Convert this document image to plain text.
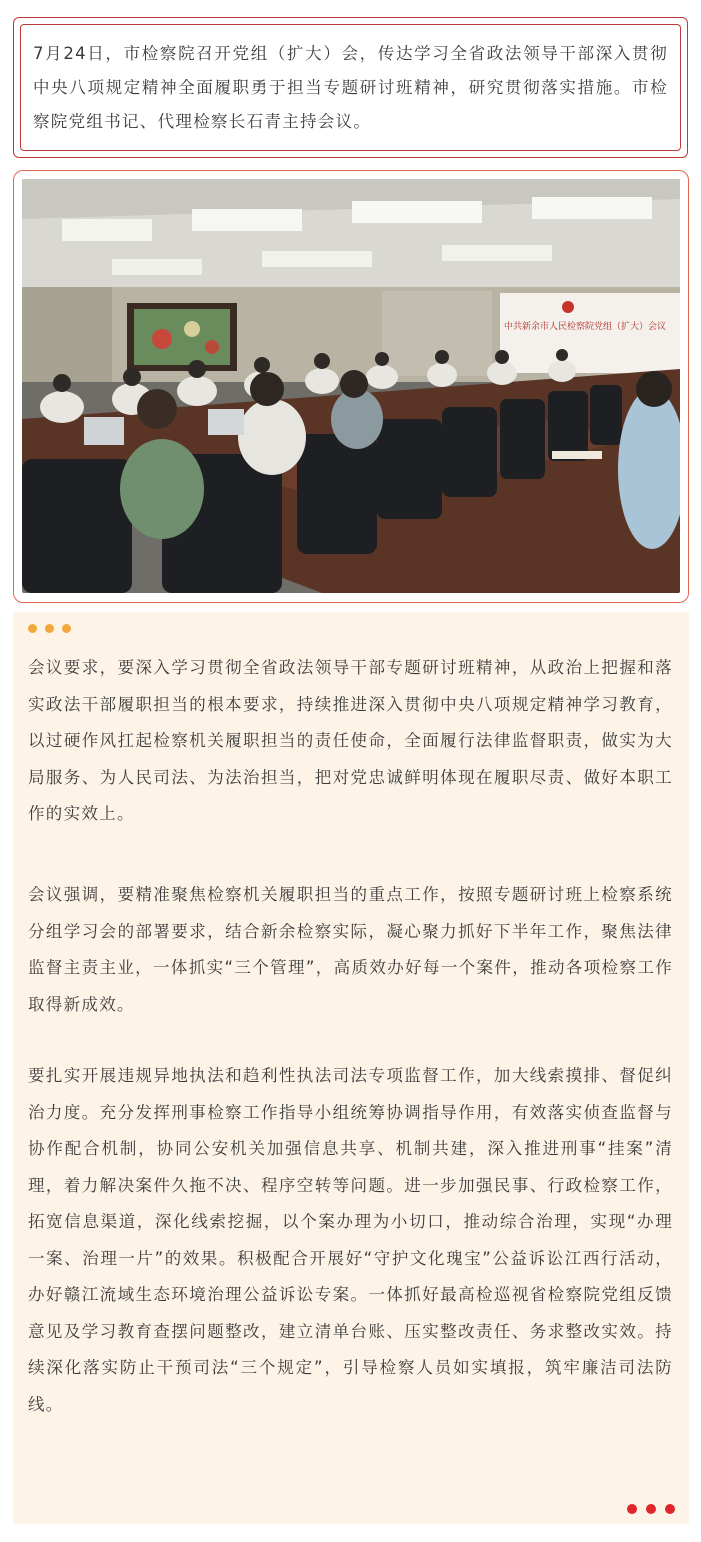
7月24日，市检察院召开党组（扩大）会，传达学习全省政法领导干部深入贯彻中央八项规定精神全面履职勇于担当专题研讨班精神，研究贯彻落实措施。市检察院党组书记、代理检察长石青主持会议。

中共新余市人民检察院党组（扩大）会议

会议要求，要深入学习贯彻全省政法领导干部专题研讨班精神，从政治上把握和落实政法干部履职担当的根本要求，持续推进深入贯彻中央八项规定精神学习教育，以过硬作风扛起检察机关履职担当的责任使命，全面履行法律监督职责，做实为大局服务、为人民司法、为法治担当，把对党忠诚鲜明体现在履职尽责、做好本职工作的实效上。

会议强调，要精准聚焦检察机关履职担当的重点工作，按照专题研讨班上检察系统分组学习会的部署要求，结合新余检察实际，凝心聚力抓好下半年工作，聚焦法律监督主责主业，一体抓实“三个管理”，高质效办好每一个案件，推动各项检察工作取得新成效。

要扎实开展违规异地执法和趋利性执法司法专项监督工作，加大线索摸排、督促纠治力度。充分发挥刑事检察工作指导小组统筹协调指导作用，有效落实侦查监督与协作配合机制，协同公安机关加强信息共享、机制共建，深入推进刑事“挂案”清理，着力解决案件久拖不决、程序空转等问题。进一步加强民事、行政检察工作，拓宽信息渠道，深化线索挖掘，以个案办理为小切口，推动综合治理，实现“办理一案、治理一片”的效果。积极配合开展好“守护文化瑰宝”公益诉讼江西行活动，办好赣江流域生态环境治理公益诉讼专案。一体抓好最高检巡视省检察院党组反馈意见及学习教育查摆问题整改，建立清单台账、压实整改责任、务求整改实效。持续深化落实防止干预司法“三个规定”，引导检察人员如实填报，筑牢廉洁司法防线。
